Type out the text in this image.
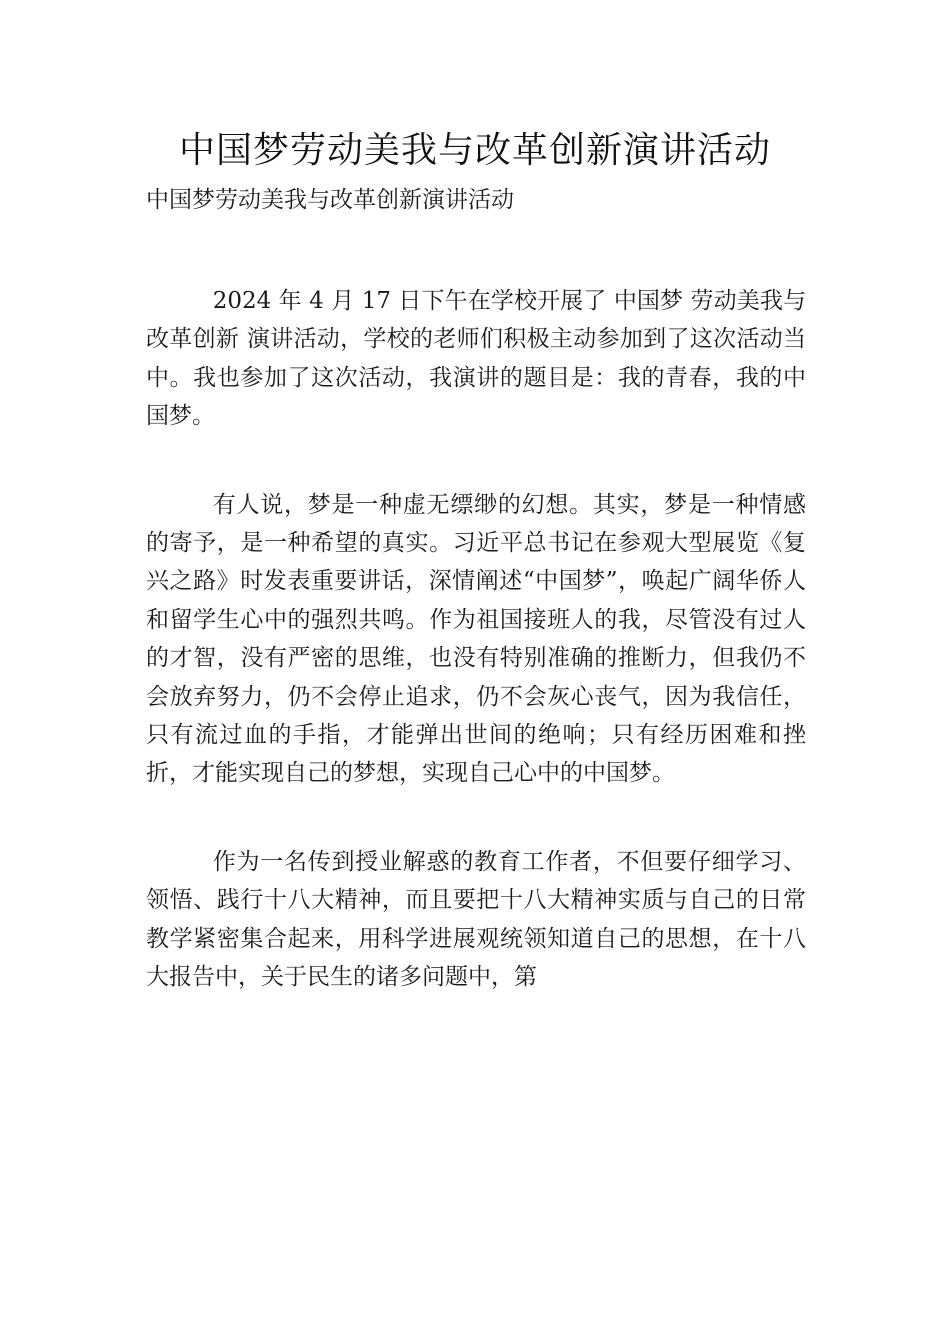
中国梦劳动美我与改革创新演讲活动
中国梦劳动美我与改革创新演讲活动

2024 年 4 月 17 日下午在学校开展了 中国梦 劳动美我与改革创新 演讲活动，学校的老师们积极主动参加到了这次活动当中。我也参加了这次活动，我演讲的题目是：我的青春，我的中国梦。

有人说，梦是一种虚无缥缈的幻想。其实，梦是一种情感的寄予，是一种希望的真实。习近平总书记在参观大型展览《复兴之路》时发表重要讲话，深情阐述“中国梦”，唤起广阔华侨人和留学生心中的强烈共鸣。作为祖国接班人的我，尽管没有过人的才智，没有严密的思维，也没有特别准确的推断力，但我仍不会放弃努力，仍不会停止追求，仍不会灰心丧气，因为我信任，只有流过血的手指，才能弹出世间的绝响；只有经历困难和挫折，才能实现自己的梦想，实现自己心中的中国梦。

作为一名传到授业解惑的教育工作者，不但要仔细学习、领悟、践行十八大精神，而且要把十八大精神实质与自己的日常教学紧密集合起来，用科学进展观统领知道自己的思想，在十八大报告中，关于民生的诸多问题中，第
